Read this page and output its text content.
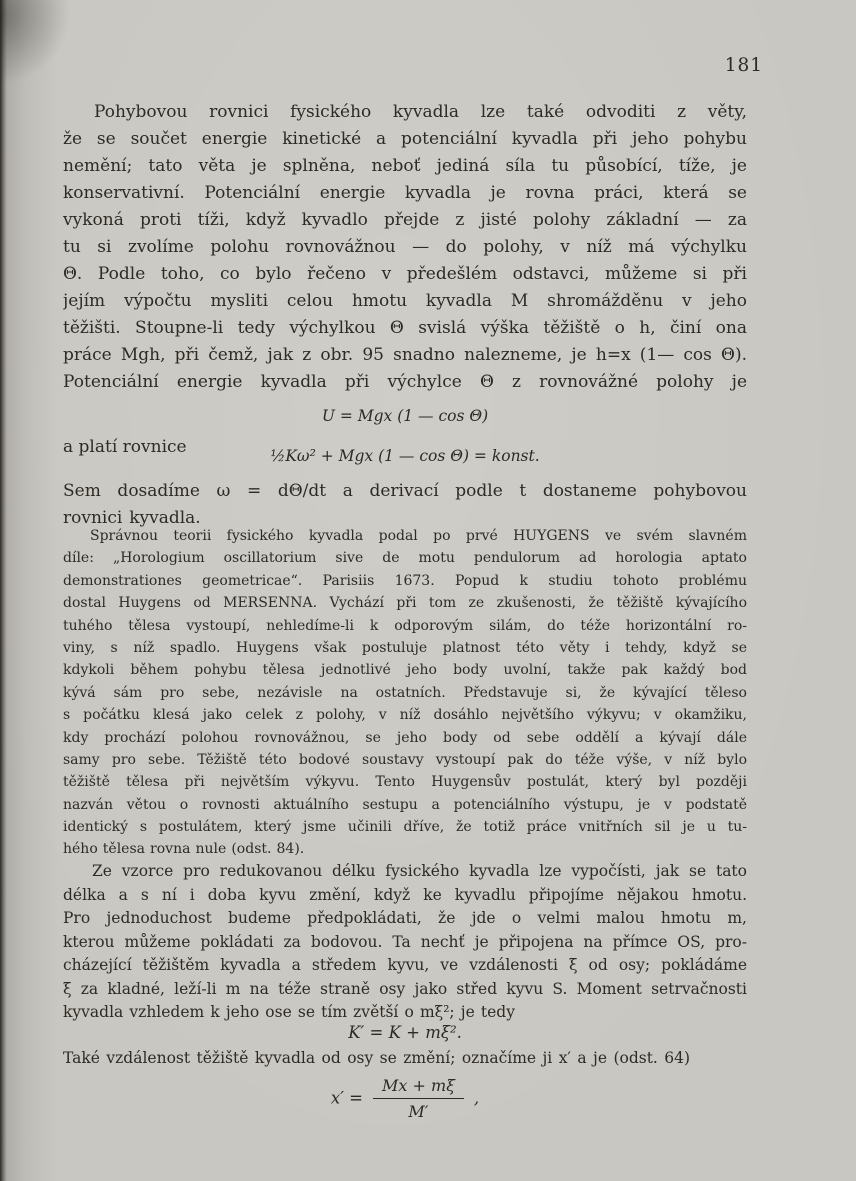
181
Pohybovou rovnici fysického kyvadla lze také odvoditi z věty,
že se součet energie kinetické a potenciální kyvadla při jeho pohybu
nemění; tato věta je splněna, neboť jediná síla tu působící, tíže, je
konservativní. Potenciální energie kyvadla je rovna práci, která se
vykoná proti tíži, když kyvadlo přejde z jisté polohy základní — za
tu si zvolíme polohu rovnovážnou — do polohy, v níž má výchylku
Θ. Podle toho, co bylo řečeno v předešlém odstavci, můžeme si při
jejím výpočtu mysliti celou hmotu kyvadla M shromážděnu v jeho
těžišti. Stoupne-li tedy výchylkou Θ svislá výška těžiště o h, činí ona
práce Mgh, při čemž, jak z obr. 95 snadno nalezneme, je h=x (1— cos Θ).
Potenciální energie kyvadla při výchylce Θ z rovnovážné polohy je
U = Mgx (1 — cos Θ)
a platí rovnice	½Kω² + Mgx (1 — cos Θ) = konst.
Sem dosadíme ω = dΘ/dt a derivací podle t dostaneme pohybovou
rovnici kyvadla.
Správnou teorii fysického kyvadla podal po prvé HUYGENS ve svém slavném
díle: „Horologium oscillatorium sive de motu pendulorum ad horologia aptato
demonstrationes geometricae“. Parisiis 1673. Popud k studiu tohoto problému
dostal Huygens od MERSENNA. Vychází při tom ze zkušenosti, že těžiště kývajícího
tuhého tělesa vystoupí, nehledíme-li k odporovým silám, do téže horizontální ro-
viny, s níž spadlo. Huygens však postuluje platnost této věty i tehdy, když se
kdykoli během pohybu tělesa jednotlivé jeho body uvolní, takže pak každý bod
kývá sám pro sebe, nezávisle na ostatních. Představuje si, že kývající těleso
s počátku klesá jako celek z polohy, v níž dosáhlo největšího výkyvu; v okamžiku,
kdy prochází polohou rovnovážnou, se jeho body od sebe oddělí a kývají dále
samy pro sebe. Těžiště této bodové soustavy vystoupí pak do téže výše, v níž bylo
těžiště tělesa při největším výkyvu. Tento Huygensův postulát, který byl později
nazván větou o rovnosti aktuálního sestupu a potenciálního výstupu, je v podstatě
identický s postulátem, který jsme učinili dříve, že totiž práce vnitřních sil je u tu-
hého tělesa rovna nule (odst. 84).
Ze vzorce pro redukovanou délku fysického kyvadla lze vypočísti, jak se tato
délka a s ní i doba kyvu změní, když ke kyvadlu připojíme nějakou hmotu.
Pro jednoduchost budeme předpokládati, že jde o velmi malou hmotu m,
kterou můžeme pokládati za bodovou. Ta nechť je připojena na přímce OS, pro-
cházející těžištěm kyvadla a středem kyvu, ve vzdálenosti ξ od osy; pokládáme
ξ za kladné, leží-li m na téže straně osy jako střed kyvu S. Moment setrvačnosti
kyvadla vzhledem k jeho ose se tím zvětší o mξ²; je tedy
K′ = K + mξ².
Také vzdálenost těžiště kyvadla od osy se změní; označíme ji x′ a je (odst. 64)
$x' = \frac{Mx + m\xi}{M'}$ ,
